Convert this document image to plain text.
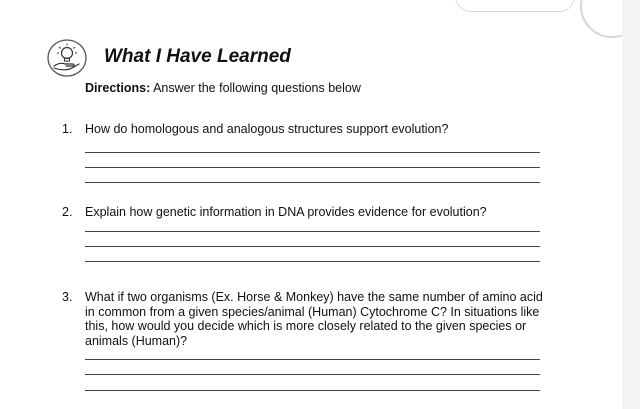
What I Have Learned
Directions: Answer the following questions below
1. How do homologous and analogous structures support evolution?
2. Explain how genetic information in DNA provides evidence for evolution?
3. What if two organisms (Ex. Horse & Monkey) have the same number of amino acid in common from a given species/animal (Human) Cytochrome C? In situations like this, how would you decide which is more closely related to the given species or animals (Human)?
